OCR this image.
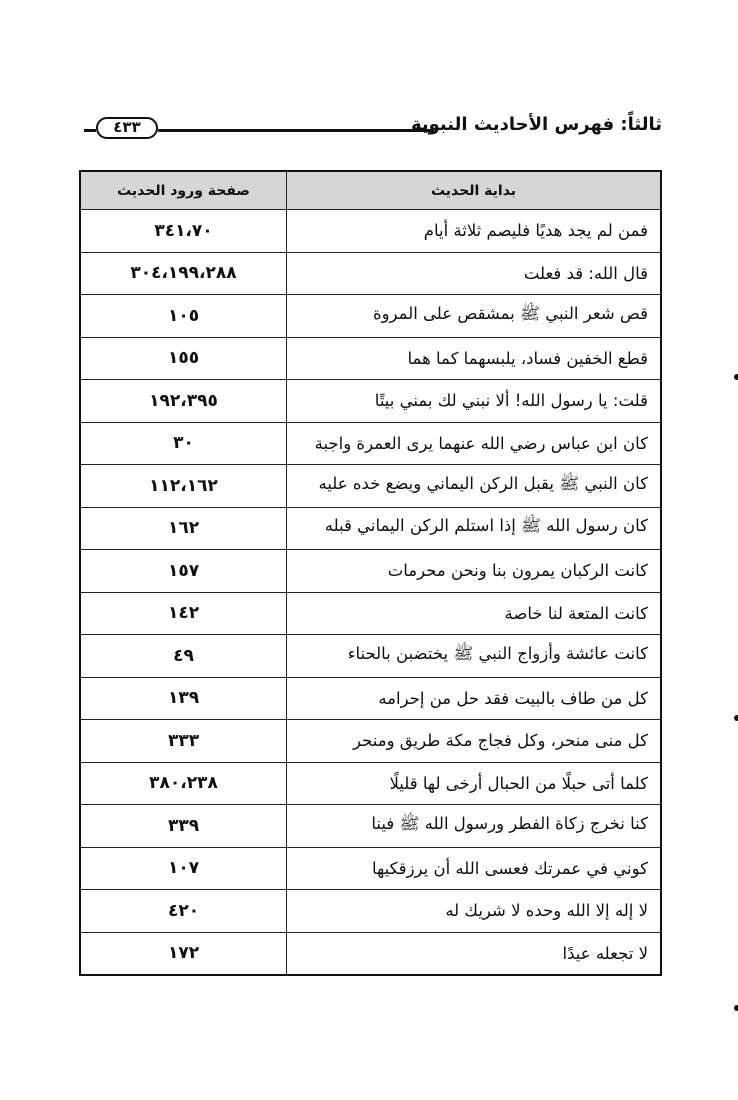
٤٣٣	ثالثاً: فهرس الأحاديث النبوية
صفحة ورود الحديث	بداية الحديث
٣٤١،٧٠	فمن لم يجد هديًا فليصم ثلاثة أيام
٣٠٤،١٩٩،٢٨٨	قال الله: قد فعلت
١٠٥	قص شعر النبي ﷺ بمشقص على المروة
١٥٥	قطع الخفين فساد، يلبسهما كما هما
١٩٢،٣٩٥	قلت: يا رسول الله! ألا نبني لك بمني بيتًا
٣٠	كان ابن عباس رضي الله عنهما يرى العمرة واجبة
١١٢،١٦٢	كان النبي ﷺ يقبل الركن اليماني ويضع خده عليه
١٦٢	كان رسول الله ﷺ إذا استلم الركن اليماني قبله
١٥٧	كانت الركبان يمرون بنا ونحن محرمات
١٤٢	كانت المتعة لنا خاصة
٤٩	كانت عائشة وأزواج النبي ﷺ يختضبن بالحناء
١٣٩	كل من طاف بالبيت فقد حل من إحرامه
٣٣٣	كل منى منحر، وكل فجاج مكة طريق ومنحر
٣٨٠،٢٣٨	كلما أتى حبلًا من الحبال أرخى لها قليلًا
٣٣٩	كنا نخرج زكاة الفطر ورسول الله ﷺ فينا
١٠٧	كوني في عمرتك فعسى الله أن يرزقكيها
٤٢٠	لا إله إلا الله وحده لا شريك له
١٧٢	لا تجعله عيدًا
